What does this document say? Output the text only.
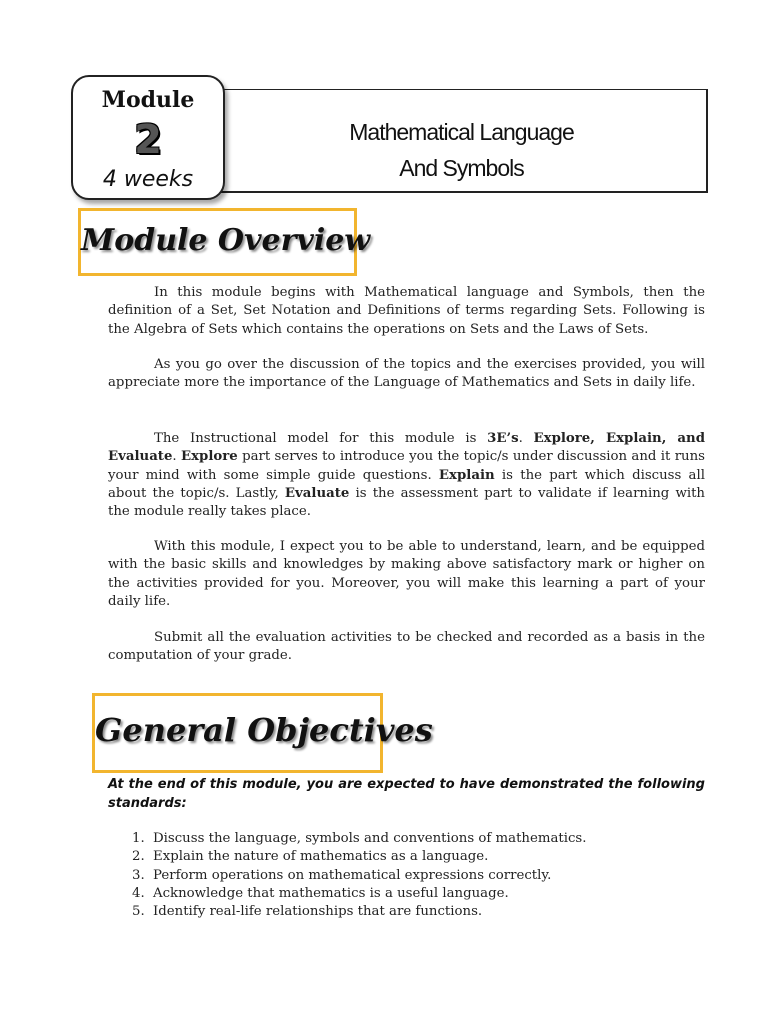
Mathematical Language
And Symbols
Module
2
4 weeks
Module Overview

In this module begins with Mathematical language and Symbols, then the definition of a Set, Set Notation and Definitions of terms regarding Sets. Following is the Algebra of Sets which contains the operations on Sets and the Laws of Sets.

As you go over the discussion of the topics and the exercises provided, you will appreciate more the importance of the Language of Mathematics and Sets in daily life.

The Instructional model for this module is 3E’s. Explore, Explain, and Evaluate. Explore part serves to introduce you the topic/s under discussion and it runs your mind with some simple guide questions. Explain is the part which discuss all about the topic/s. Lastly, Evaluate is the assessment part to validate if learning with the module really takes place.

With this module, I expect you to be able to understand, learn, and be equipped with the basic skills and knowledges by making above satisfactory mark or higher on the activities provided for you. Moreover, you will make this learning a part of your daily life.

Submit all the evaluation activities to be checked and recorded as a basis in the computation of your grade.

General Objectives
At the end of this module, you are expected to have demonstrated the following standards:
1. Discuss the language, symbols and conventions of mathematics.
2. Explain the nature of mathematics as a language.
3. Perform operations on mathematical expressions correctly.
4. Acknowledge that mathematics is a useful language.
5. Identify real-life relationships that are functions.
